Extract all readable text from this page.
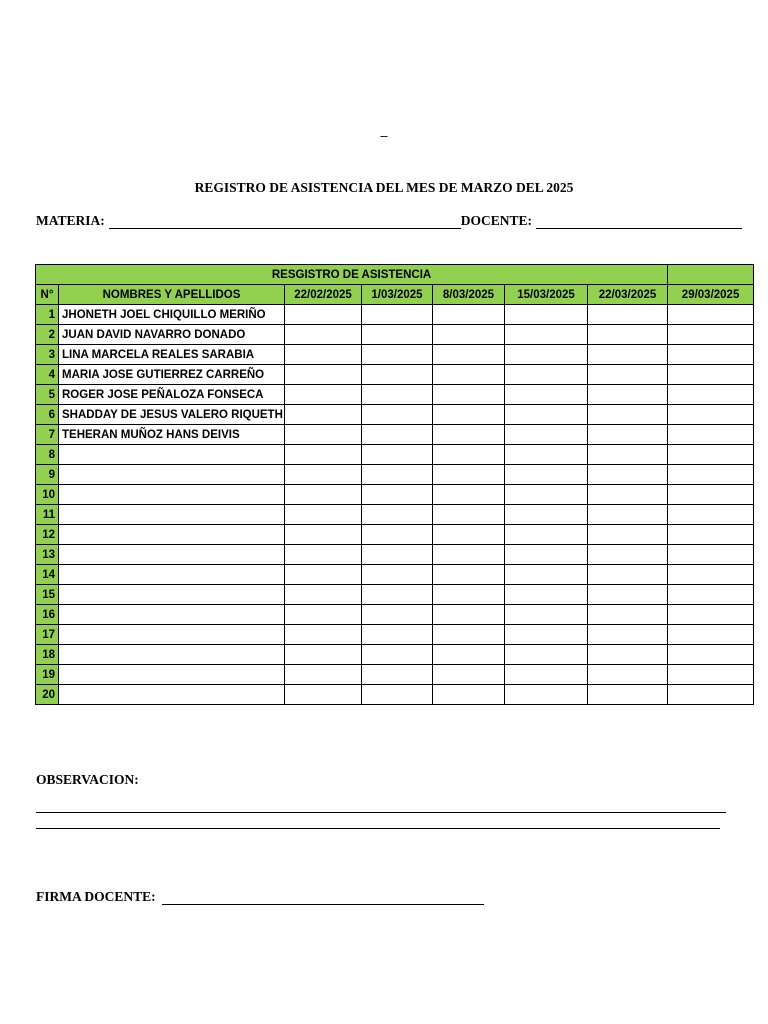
–
REGISTRO DE ASISTENCIA DEL MES DE MARZO DEL 2025
MATERIA:	DOCENTE:
RESGISTRO DE ASISTENCIA							
N°	NOMBRES Y APELLIDOS	22/02/2025	1/03/2025	8/03/2025	15/03/2025	22/03/2025	29/03/2025
1	JHONETH JOEL CHIQUILLO MERIÑO						
2	JUAN DAVID NAVARRO DONADO						
3	LINA MARCELA REALES SARABIA						
4	MARIA JOSE GUTIERREZ CARREÑO						
5	ROGER JOSE PEÑALOZA FONSECA						
6	SHADDAY DE JESUS VALERO RIQUETH						
7	TEHERAN MUÑOZ HANS DEIVIS						
8							
9							
10							
11							
12							
13							
14							
15							
16							
17							
18							
19							
20							
OBSERVACION:
FIRMA DOCENTE:
